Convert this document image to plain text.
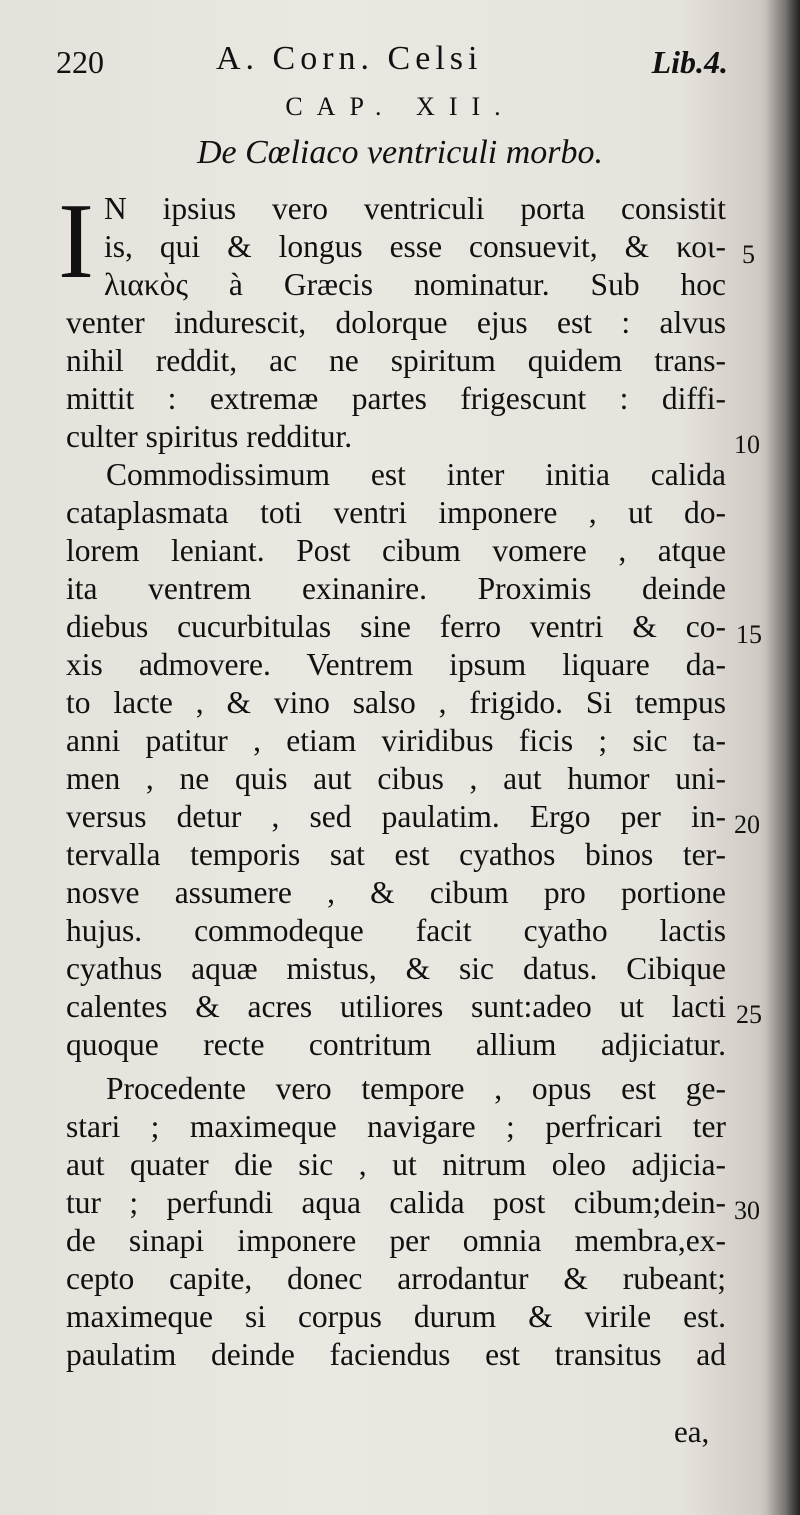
220	A. Corn. Celsi	Lib.4.
CAP. XII.
De Cœliaco ventriculi morbo.
I N ipsius vero ventriculi porta consistit
is, qui & longus esse consuevit, & κοι-
λιακὸς à Græcis nominatur. Sub hoc
venter indurescit, dolorque ejus est : alvus
nihil reddit, ac ne spiritum quidem trans-
mittit : extremæ partes frigescunt : diffi-
culter spiritus redditur.
Commodissimum est inter initia calida
cataplasmata toti ventri imponere , ut do-
lorem leniant. Post cibum vomere , atque
ita ventrem exinanire. Proximis deinde
diebus cucurbitulas sine ferro ventri & co-
xis admovere. Ventrem ipsum liquare da-
to lacte , & vino salso , frigido. Si tempus
anni patitur , etiam viridibus ficis ; sic ta-
men , ne quis aut cibus , aut humor uni-
versus detur , sed paulatim. Ergo per in-
tervalla temporis sat est cyathos binos ter-
nosve assumere , & cibum pro portione
hujus. commodeque facit cyatho lactis
cyathus aquæ mistus, & sic datus. Cibique
calentes & acres utiliores sunt:adeo ut lacti
quoque recte contritum allium adjiciatur.
Procedente vero tempore , opus est ge-
stari ; maximeque navigare ; perfricari ter
aut quater die sic , ut nitrum oleo adjicia-
tur ; perfundi aqua calida post cibum;dein-
de sinapi imponere per omnia membra,ex-
cepto capite, donec arrodantur & rubeant;
maximeque si corpus durum & virile est.
paulatim deinde faciendus est transitus ad
5
10
15
20
25
30
ea,
